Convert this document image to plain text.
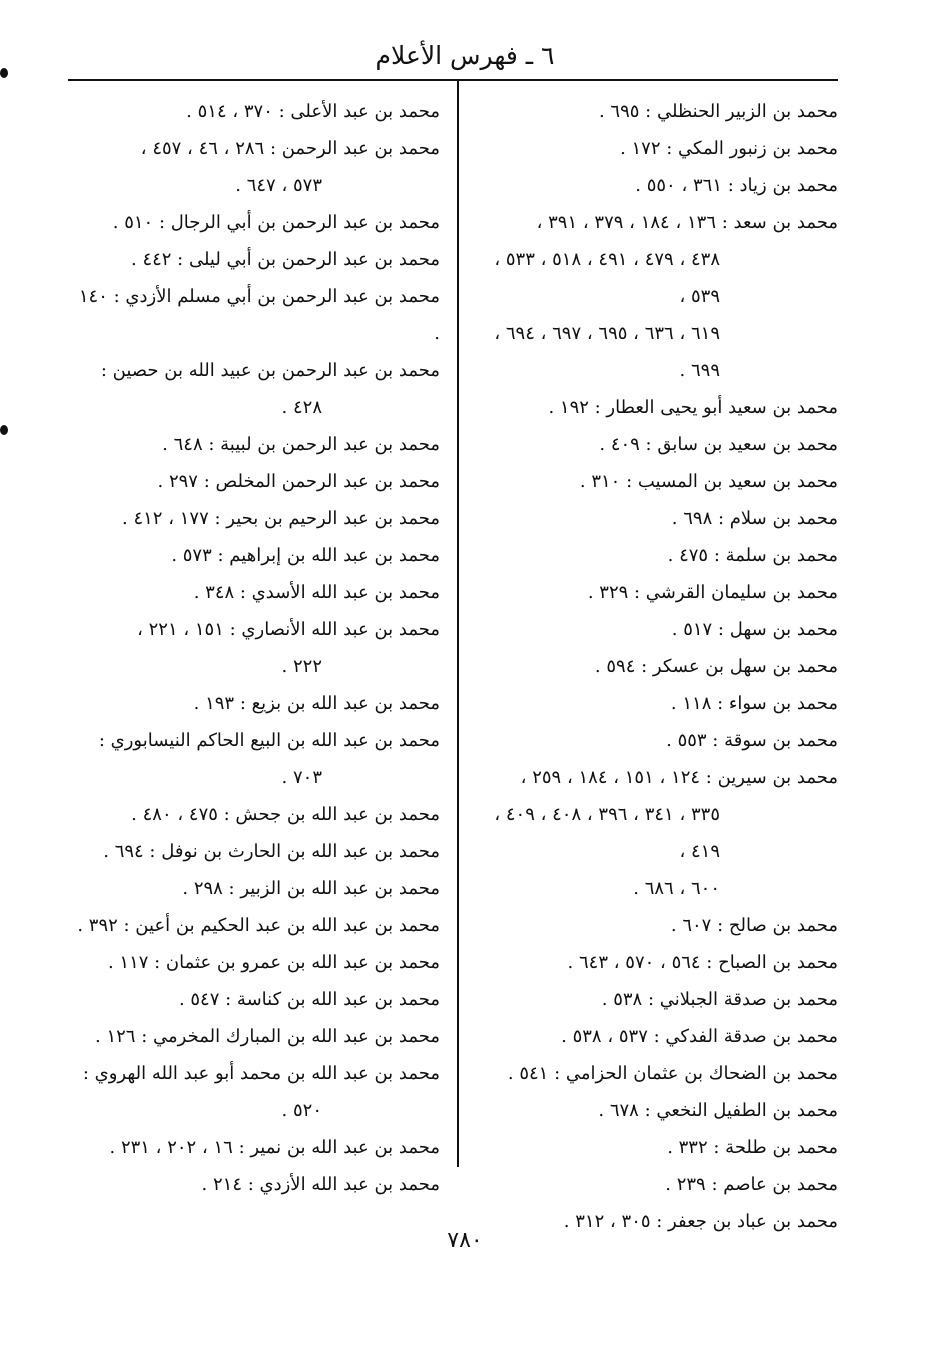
٦ ـ فهرس الأعلام
محمد بن الزبير الحنظلي : ٦٩٥ .
محمد بن زنبور المكي : ١٧٢ .
محمد بن زياد : ٣٦١ ، ٥٥٠ .
محمد بن سعد : ١٣٦ ، ١٨٤ ، ٣٧٩ ، ٣٩١ ،
٤٣٨ ، ٤٧٩ ، ٤٩١ ، ٥١٨ ، ٥٣٣ ، ٥٣٩ ،
٦١٩ ، ٦٣٦ ، ٦٩٥ ، ٦٩٧ ، ٦٩٤ ، ٦٩٩ .
محمد بن سعيد أبو يحيى العطار : ١٩٢ .
محمد بن سعيد بن سابق : ٤٠٩ .
محمد بن سعيد بن المسيب : ٣١٠ .
محمد بن سلام : ٦٩٨ .
محمد بن سلمة : ٤٧٥ .
محمد بن سليمان القرشي : ٣٢٩ .
محمد بن سهل : ٥١٧ .
محمد بن سهل بن عسكر : ٥٩٤ .
محمد بن سواء : ١١٨ .
محمد بن سوقة : ٥٥٣ .
محمد بن سيرين : ١٢٤ ، ١٥١ ، ١٨٤ ، ٢٥٩ ،
٣٣٥ ، ٣٤١ ، ٣٩٦ ، ٤٠٨ ، ٤٠٩ ، ٤١٩ ،
٦٠٠ ، ٦٨٦ .
محمد بن صالح : ٦٠٧ .
محمد بن الصباح : ٥٦٤ ، ٥٧٠ ، ٦٤٣ .
محمد بن صدقة الجبلاني : ٥٣٨ .
محمد بن صدقة الفدكي : ٥٣٧ ، ٥٣٨ .
محمد بن الضحاك بن عثمان الحزامي : ٥٤١ .
محمد بن الطفيل النخعي : ٦٧٨ .
محمد بن طلحة : ٣٣٢ .
محمد بن عاصم : ٢٣٩ .
محمد بن عباد بن جعفر : ٣٠٥ ، ٣١٢ .
محمد بن عبد الأعلى : ٣٧٠ ، ٥١٤ .
محمد بن عبد الرحمن : ٢٨٦ ، ٤٦ ، ٤٥٧ ،
٥٧٣ ، ٦٤٧ .
محمد بن عبد الرحمن بن أبي الرجال : ٥١٠ .
محمد بن عبد الرحمن بن أبي ليلى : ٤٤٢ .
محمد بن عبد الرحمن بن أبي مسلم الأزدي : ١٤٠ .
محمد بن عبد الرحمن بن عبيد الله بن حصين :
٤٢٨ .
محمد بن عبد الرحمن بن لبيبة : ٦٤٨ .
محمد بن عبد الرحمن المخلص : ٢٩٧ .
محمد بن عبد الرحيم بن بحير : ١٧٧ ، ٤١٢ .
محمد بن عبد الله بن إبراهيم : ٥٧٣ .
محمد بن عبد الله الأسدي : ٣٤٨ .
محمد بن عبد الله الأنصاري : ١٥١ ، ٢٢١ ،
٢٢٢ .
محمد بن عبد الله بن بزيع : ١٩٣ .
محمد بن عبد الله بن البيع الحاكم النيسابوري :
٧٠٣ .
محمد بن عبد الله بن جحش : ٤٧٥ ، ٤٨٠ .
محمد بن عبد الله بن الحارث بن نوفل : ٦٩٤ .
محمد بن عبد الله بن الزبير : ٢٩٨ .
محمد بن عبد الله بن عبد الحكيم بن أعين : ٣٩٢ .
محمد بن عبد الله بن عمرو بن عثمان : ١١٧ .
محمد بن عبد الله بن كناسة : ٥٤٧ .
محمد بن عبد الله بن المبارك المخرمي : ١٢٦ .
محمد بن عبد الله بن محمد أبو عبد الله الهروي :
٥٢٠ .
محمد بن عبد الله بن نمير : ١٦ ، ٢٠٢ ، ٢٣١ .
محمد بن عبد الله الأزدي : ٢١٤ .
٧٨٠
